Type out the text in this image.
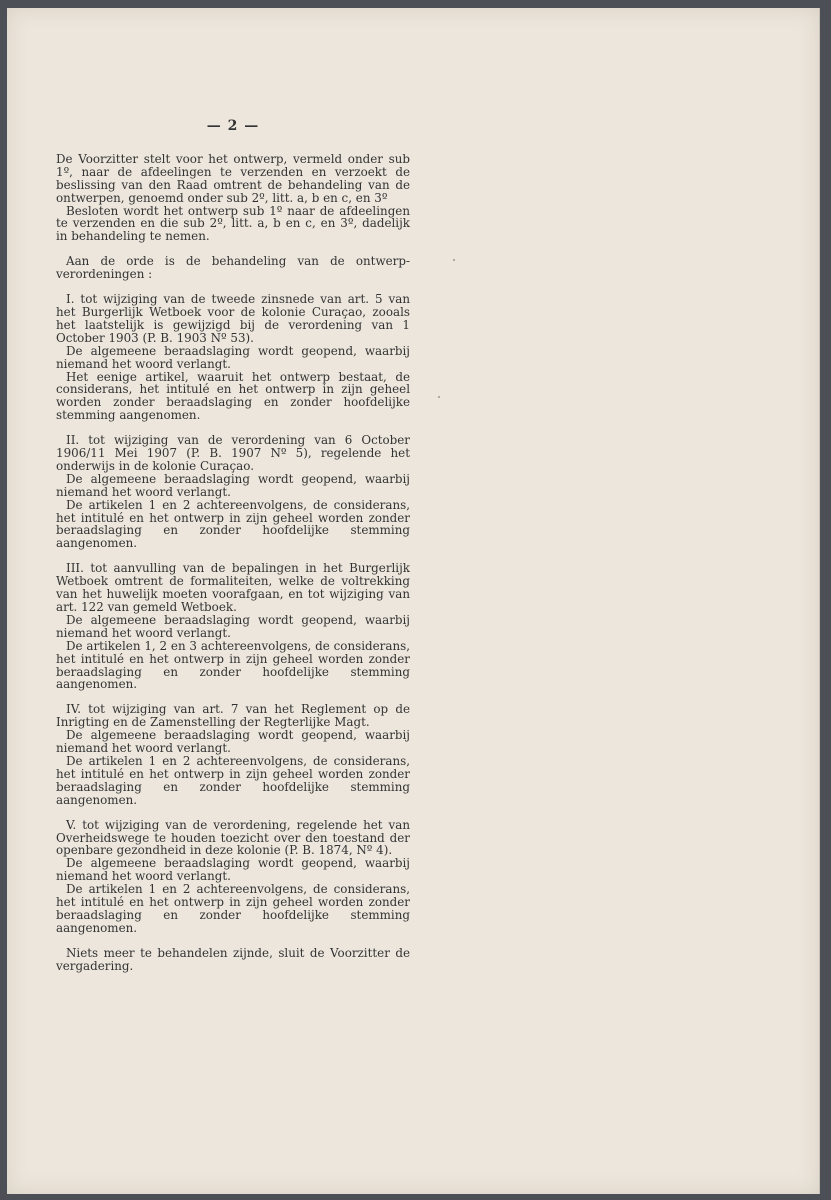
— 2 —

De Voorzitter stelt voor het ontwerp, vermeld onder sub 1º, naar de afdeelingen te verzenden en verzoekt de beslissing van den Raad omtrent de behandeling van de ontwerpen, genoemd onder sub 2º, litt. a, b en c, en 3º

Besloten wordt het ontwerp sub 1º naar de afdeelingen te verzenden en die sub 2º, litt. a, b en c, en 3º, dadelijk in behandeling te nemen.

Aan de orde is de behandeling van de ontwerp-verordeningen :

I. tot wijziging van de tweede zinsnede van art. 5 van het Burgerlijk Wetboek voor de kolonie Curaçao, zooals het laatstelijk is gewijzigd bij de verordening van 1 October 1903 (P. B. 1903 Nº 53).

De algemeene beraadslaging wordt geopend, waarbij niemand het woord verlangt.

Het eenige artikel, waaruit het ontwerp bestaat, de considerans, het intitulé en het ontwerp in zijn geheel worden zonder beraadslaging en zonder hoofdelijke stemming aangenomen.

II. tot wijziging van de verordening van 6 October 1906/11 Mei 1907 (P. B. 1907 Nº 5), regelende het onderwijs in de kolonie Curaçao.

De algemeene beraadslaging wordt geopend, waarbij niemand het woord verlangt.

De artikelen 1 en 2 achtereenvolgens, de considerans, het intitulé en het ontwerp in zijn geheel worden zonder beraadslaging en zonder hoofdelijke stemming aangenomen.

III. tot aanvulling van de bepalingen in het Burgerlijk Wetboek omtrent de formaliteiten, welke de voltrekking van het huwelijk moeten voorafgaan, en tot wijziging van art. 122 van gemeld Wetboek.

De algemeene beraadslaging wordt geopend, waarbij niemand het woord verlangt.

De artikelen 1, 2 en 3 achtereenvolgens, de considerans, het intitulé en het ontwerp in zijn geheel worden zonder beraadslaging en zonder hoofdelijke stemming aangenomen.

IV. tot wijziging van art. 7 van het Reglement op de Inrigting en de Zamenstelling der Regterlijke Magt.

De algemeene beraadslaging wordt geopend, waarbij niemand het woord verlangt.

De artikelen 1 en 2 achtereenvolgens, de considerans, het intitulé en het ontwerp in zijn geheel worden zonder beraadslaging en zonder hoofdelijke stemming aangenomen.

V. tot wijziging van de verordening, regelende het van Overheidswege te houden toezicht over den toestand der openbare gezondheid in deze kolonie (P. B. 1874, Nº 4).

De algemeene beraadslaging wordt geopend, waarbij niemand het woord verlangt.

De artikelen 1 en 2 achtereenvolgens, de considerans, het intitulé en het ontwerp in zijn geheel worden zonder beraadslaging en zonder hoofdelijke stemming aangenomen.

Niets meer te behandelen zijnde, sluit de Voorzitter de vergadering.
